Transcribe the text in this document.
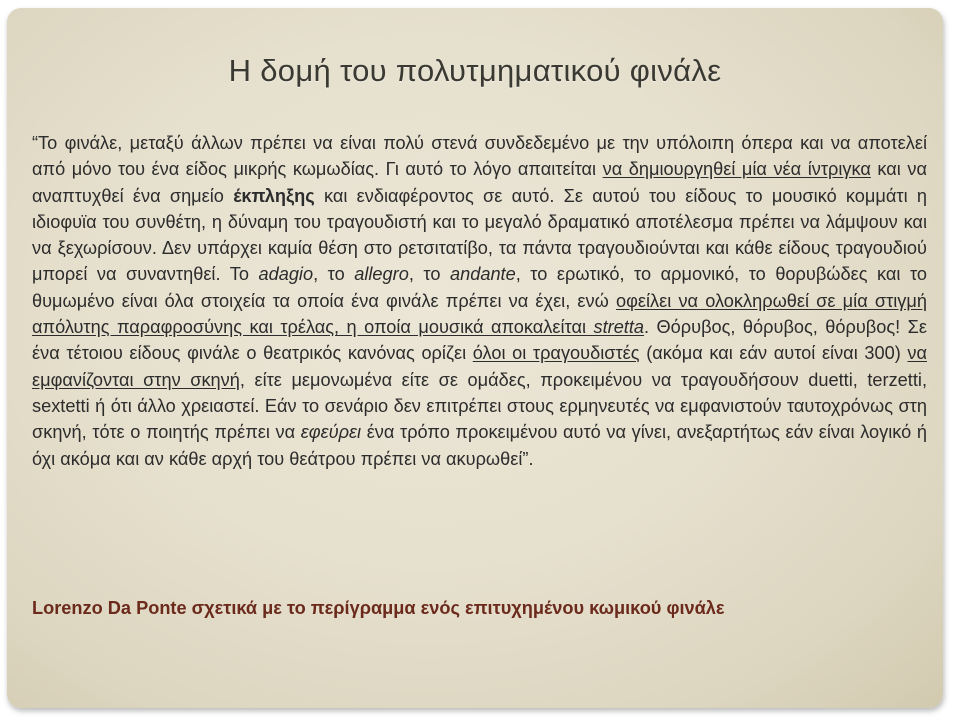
Η δομή του πολυτμηματικού φινάλε

“Το φινάλε, μεταξύ άλλων πρέπει να είναι πολύ στενά συνδεδεμένο με την υπόλοιπη όπερα και να αποτελεί από μόνο του ένα είδος μικρής κωμωδίας. Γι αυτό το λόγο απαιτείται να δημιουργηθεί μία νέα ίντριγκα και να αναπτυχθεί ένα σημείο έκπληξης και ενδιαφέροντος σε αυτό. Σε αυτού του είδους το μουσικό κομμάτι η ιδιοφυϊα του συνθέτη, η δύναμη του τραγουδιστή και το μεγαλό δραματικό αποτέλεσμα πρέπει να λάμψουν και να ξεχωρίσουν. Δεν υπάρχει καμία θέση στο ρετσιτατίβο, τα πάντα τραγουδιούνται και κάθε είδους τραγουδιού μπορεί να συναντηθεί. Το adagio, το allegro, το andante, το ερωτικό, το αρμονικό, το θορυβώδες και το θυμωμένο είναι όλα στοιχεία τα οποία ένα φινάλε πρέπει να έχει, ενώ οφείλει να ολοκληρωθεί σε μία στιγμή απόλυτης παραφροσύνης και τρέλας, η οποία μουσικά αποκαλείται stretta. Θόρυβος, θόρυβος, θόρυβος! Σε ένα τέτοιου είδους φινάλε ο θεατρικός κανόνας ορίζει όλοι οι τραγουδιστές (ακόμα και εάν αυτοί είναι 300) να εμφανίζονται στην σκηνή, είτε μεμονωμένα είτε σε ομάδες, προκειμένου να τραγουδήσουν duetti, terzetti, sextetti ή ότι άλλο χρειαστεί. Εάν το σενάριο δεν επιτρέπει στους ερμηνευτές να εμφανιστούν ταυτοχρόνως στη σκηνή, τότε ο ποιητής πρέπει να εφεύρει ένα τρόπο προκειμένου αυτό να γίνει, ανεξαρτήτως εάν είναι λογικό ή όχι ακόμα και αν κάθε αρχή του θεάτρου πρέπει να ακυρωθεί”.

Lorenzo Da Ponte σχετικά με το περίγραμμα ενός επιτυχημένου κωμικού φινάλε
